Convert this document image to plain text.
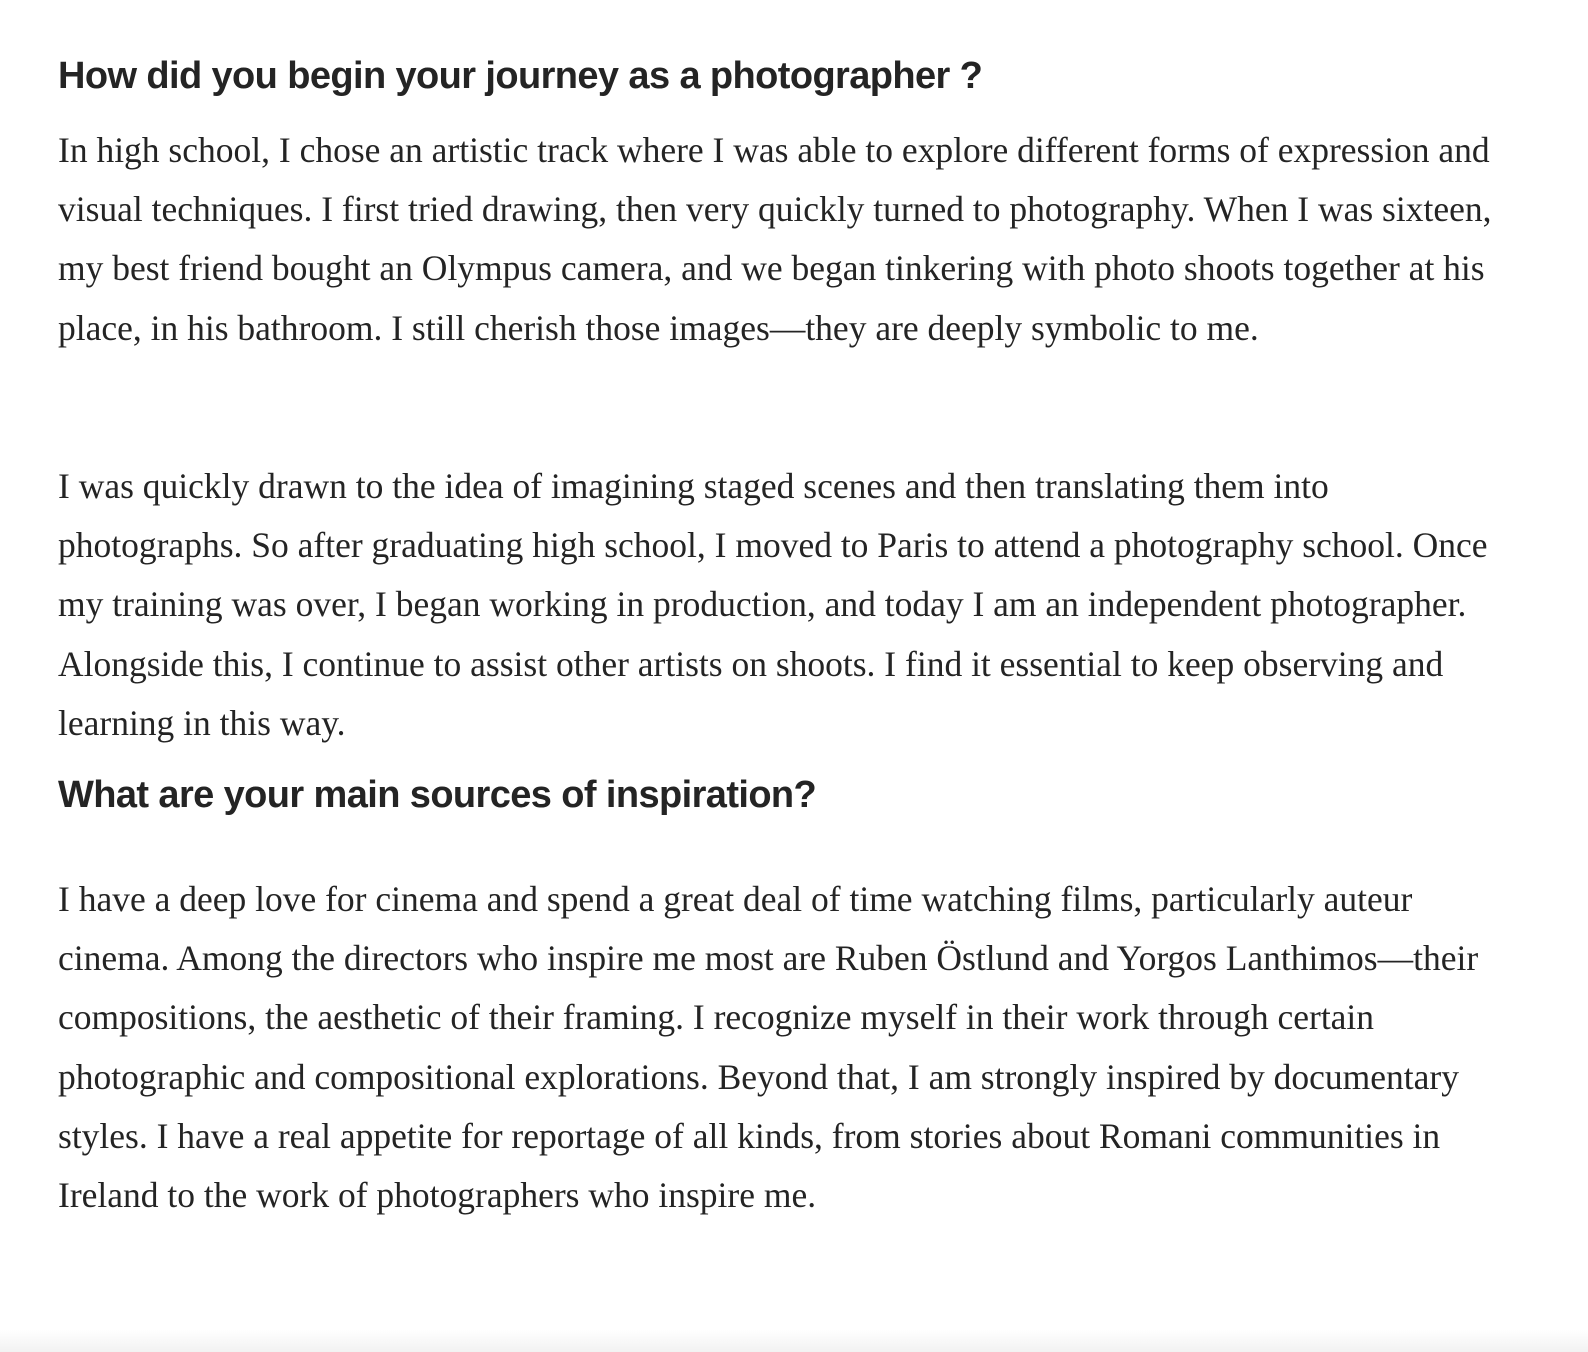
How did you begin your journey as a photographer ?

In high school, I chose an artistic track where I was able to explore different forms of expression and visual techniques. I first tried drawing, then very quickly turned to photography. When I was sixteen, my best friend bought an Olympus camera, and we began tinkering with photo shoots together at his place, in his bathroom. I still cherish those images—they are deeply symbolic to me.

I was quickly drawn to the idea of imagining staged scenes and then translating them into photographs. So after graduating high school, I moved to Paris to attend a photography school. Once my training was over, I began working in production, and today I am an independent photographer. Alongside this, I continue to assist other artists on shoots. I find it essential to keep observing and learning in this way.

What are your main sources of inspiration?

I have a deep love for cinema and spend a great deal of time watching films, particularly auteur cinema. Among the directors who inspire me most are Ruben Östlund and Yorgos Lanthimos—their compositions, the aesthetic of their framing. I recognize myself in their work through certain photographic and compositional explorations. Beyond that, I am strongly inspired by documentary styles. I have a real appetite for reportage of all kinds, from stories about Romani communities in Ireland to the work of photographers who inspire me.
